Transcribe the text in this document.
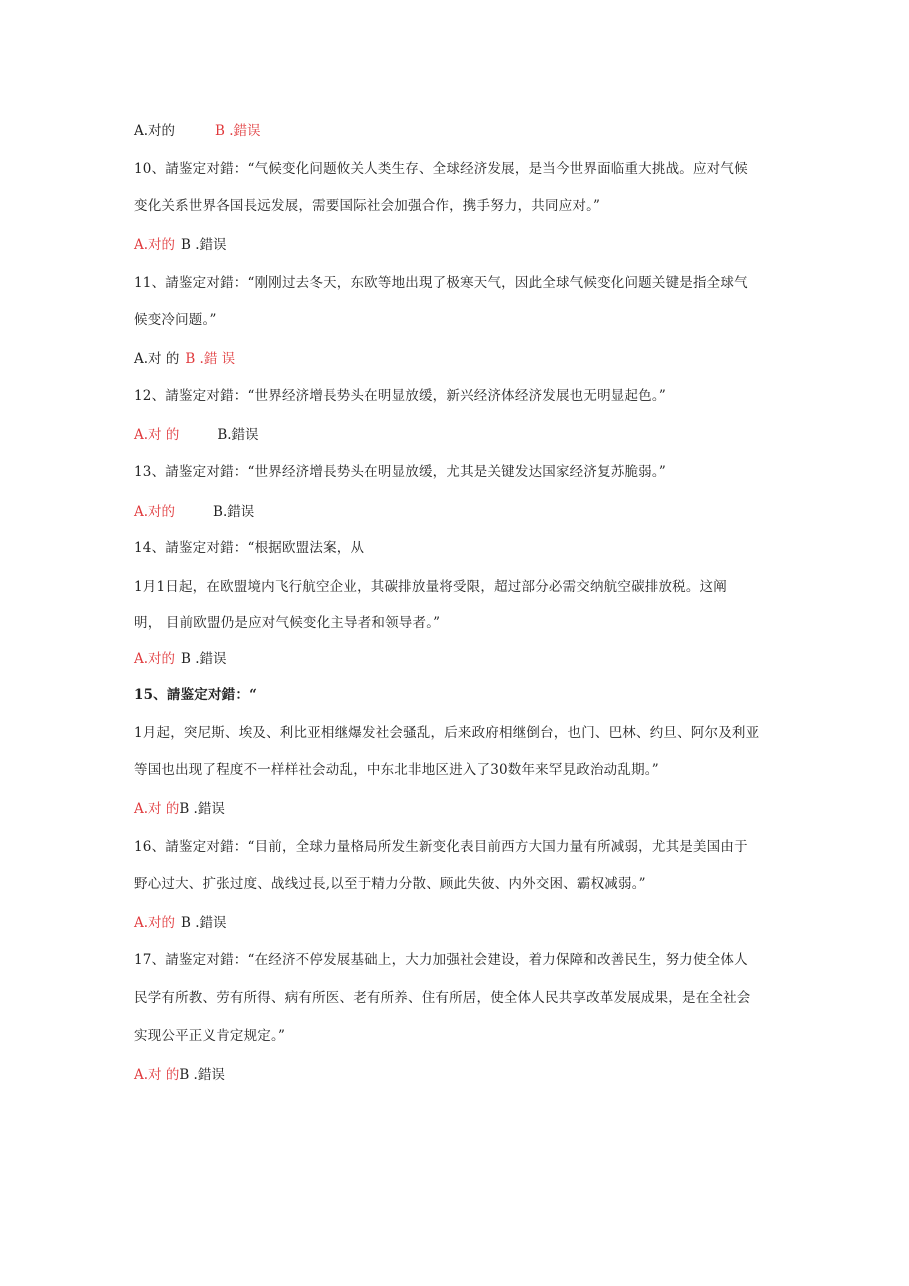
A.对的	B .錯误
10、請鉴定对錯：“气候变化问题攸关人类生存、全球经济发展，是当今世界面临重大挑战。应对气候
变化关系世界各国長远发展，需要国际社会加强合作，携手努力，共同应对。”
A.对的 B .錯误
11、請鉴定对錯：“刚刚过去冬天，东欧等地出現了极寒天气，因此全球气候变化问题关键是指全球气
候变冷问题。”
A.对 的 B .錯 误
12、請鉴定对錯：“世界经济增長势头在明显放缓，新兴经济体经济发展也无明显起色。”
A.对 的	B.錯误
13、請鉴定对錯：“世界经济增長势头在明显放缓，尤其是关键发达国家经济复苏脆弱。”
A.对的	B.錯误
14、請鉴定对錯：“根据欧盟法案，从
1月1日起，在欧盟境内飞行航空企业，其碳排放量将受限，超过部分必需交纳航空碳排放税。这阐
明， 目前欧盟仍是应对气候变化主导者和领导者。”
A.对的 B .錯误
15、請鉴定对錯：“
1月起，突尼斯、埃及、利比亚相继爆发社会骚乱，后来政府相继倒台，也门、巴林、约旦、阿尔及利亚
等国也出现了程度不一样样社会动乱，中东北非地区进入了30数年来罕見政治动乱期。”
A.对 的B .錯误
16、請鉴定对錯：“目前，全球力量格局所发生新变化表目前西方大国力量有所减弱，尤其是美国由于
野心过大、扩张过度、战线过長,以至于精力分散、顾此失彼、内外交困、霸权减弱。”
A.对的 B .錯误
17、請鉴定对錯：“在经济不停发展基础上，大力加强社会建设，着力保障和改善民生，努力使全体人
民学有所教、劳有所得、病有所医、老有所养、住有所居，使全体人民共享改革发展成果，是在全社会
实现公平正义肯定规定。”
A.对 的B .錯误
